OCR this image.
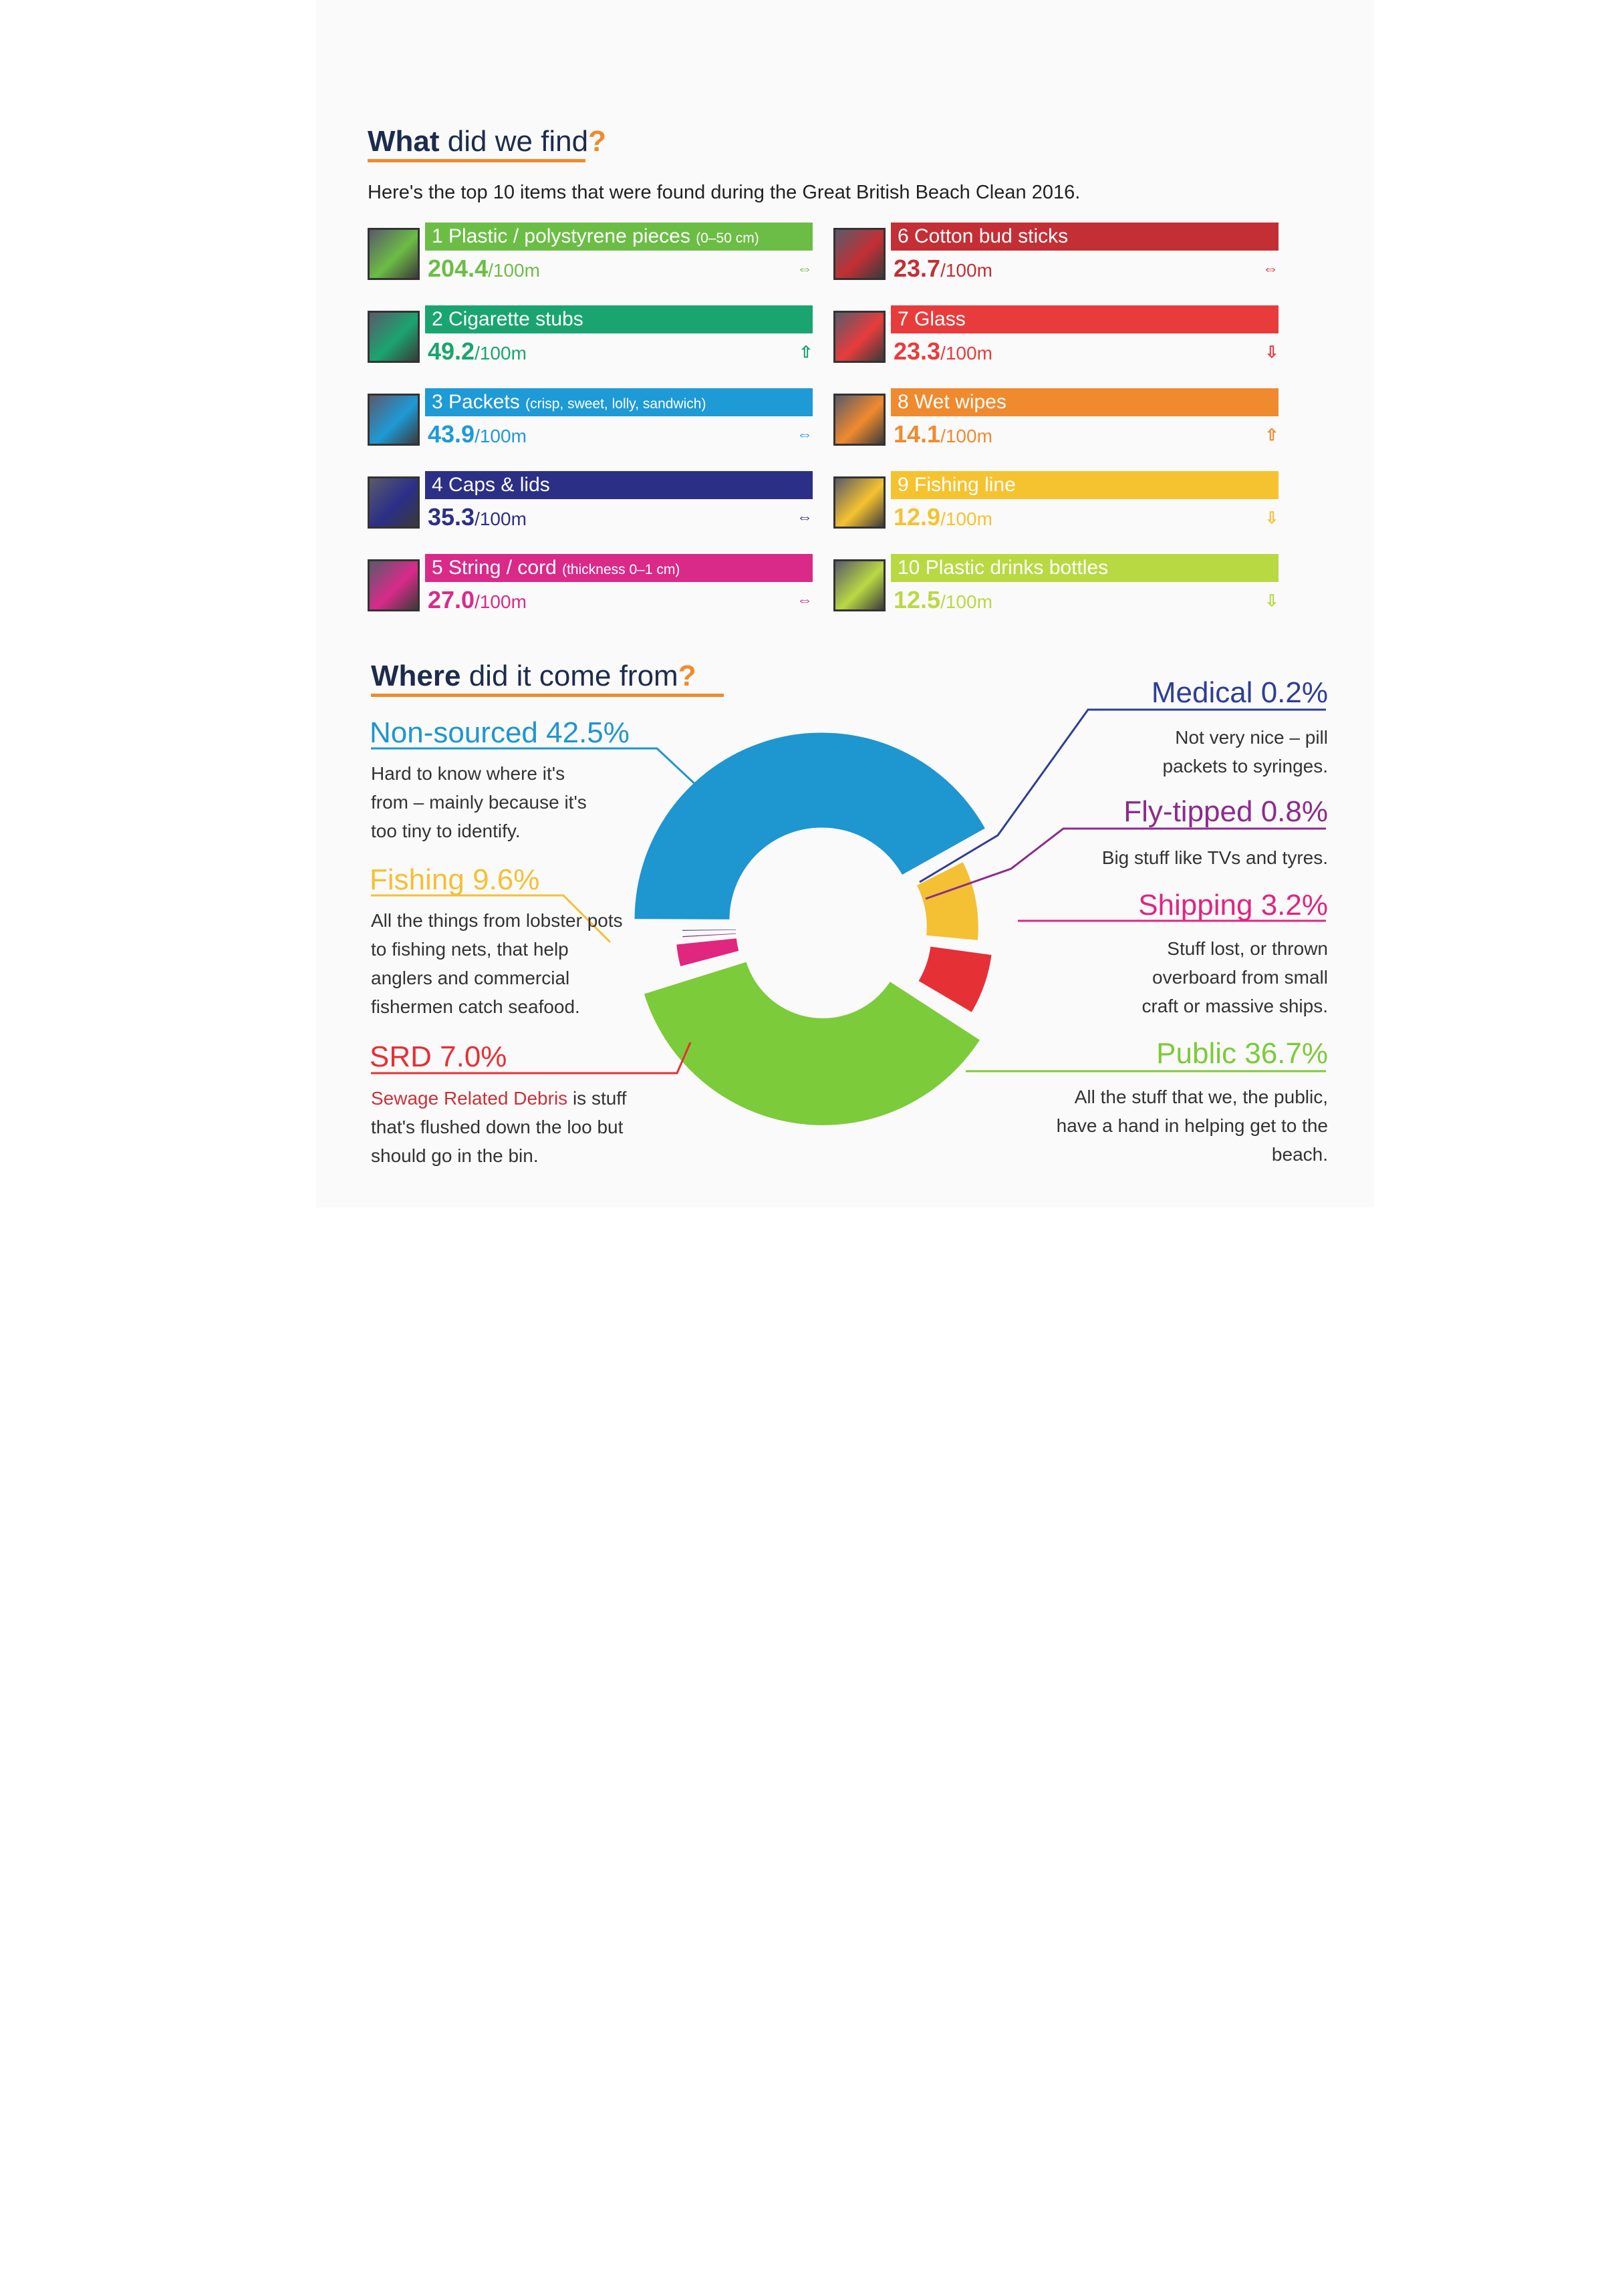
What did we find?
Here's the top 10 items that were found during the Great British Beach Clean 2016.
1 Plastic / polystyrene pieces (0–50 cm)
204.4/100m	⇔
2 Cigarette stubs
49.2/100m	⇧
3 Packets (crisp, sweet, lolly, sandwich)
43.9/100m	⇔
4 Caps & lids
35.3/100m	⇔
5 String / cord (thickness 0–1 cm)
27.0/100m	⇔
6 Cotton bud sticks
23.7/100m	⇔
7 Glass
23.3/100m	⇩
8 Wet wipes
14.1/100m	⇧
9 Fishing line
12.9/100m	⇩
10 Plastic drinks bottles
12.5/100m	⇩
Where did it come from?
Non-sourced 42.5%
Hard to know where it's from – mainly because it's too tiny to identify.
Fishing 9.6%
All the things from lobster pots to fishing nets, that help anglers and commercial fishermen catch seafood.
SRD 7.0%
Sewage Related Debris is stuff that's flushed down the loo but should go in the bin.
Medical 0.2%
Not very nice – pill packets to syringes.
Fly-tipped 0.8%
Big stuff like TVs and tyres.
Shipping 3.2%
Stuff lost, or thrown overboard from small craft or massive ships.
Public 36.7%
All the stuff that we, the public, have a hand in helping get to the beach.
